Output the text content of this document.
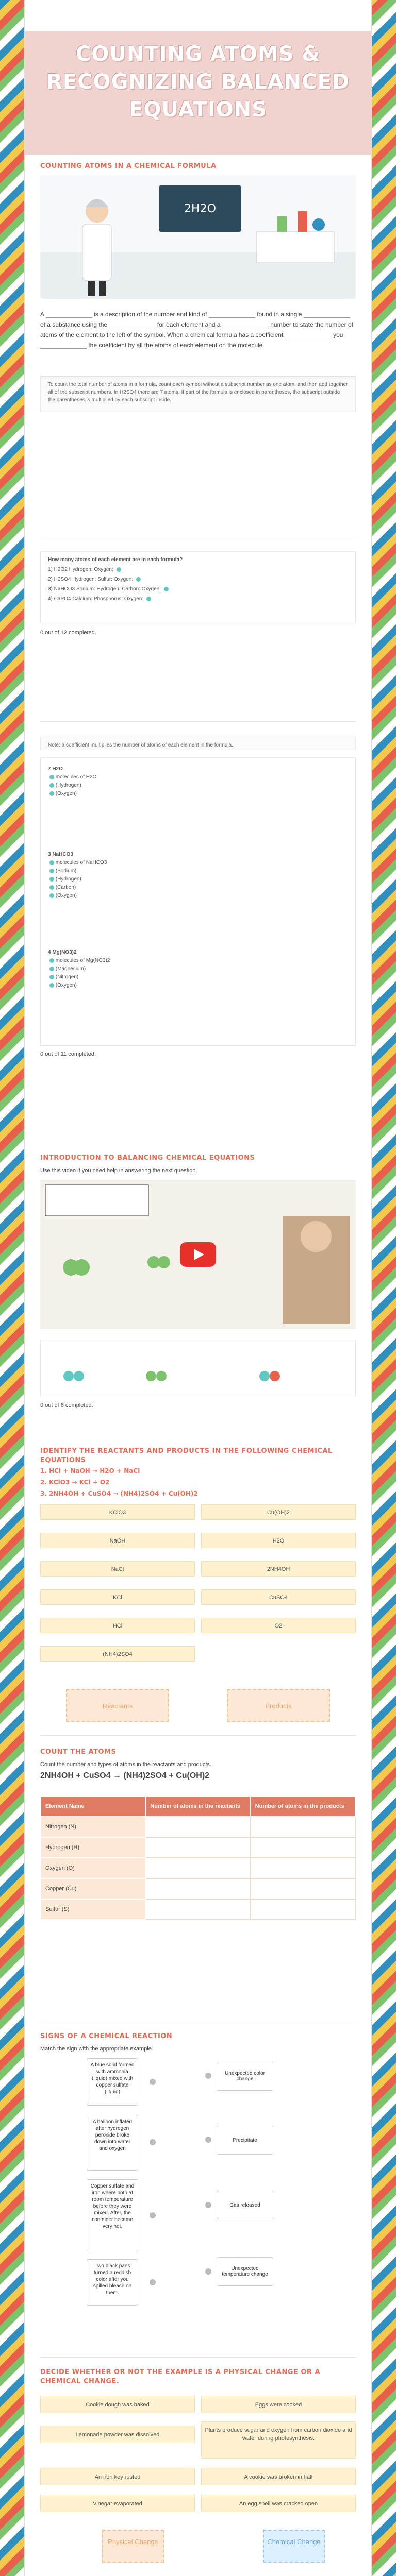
COUNTING ATOMS & RECOGNIZING BALANCED EQUATIONS
COUNTING ATOMS IN A CHEMICAL FORMULA
2H2O
A	is a description of the number and kind of	found in a single  of a substance using the	for each element and a	number to state the number of atoms of the element to the left of the symbol. When a chemical formula has a coefficient	you  the coefficient by all the atoms of each element on the molecule.
To count the total number of atoms in a formula, count each symbol without a subscript number as one atom, and then add together all of the subscript numbers. In H2SO4 there are 7 atoms. If part of the formula is enclosed in parentheses, the subscript outside the parentheses is multiplied by each subscript inside.
How many atoms of each element are in each formula?
1) H2O2 Hydrogen: Oxygen:
2) H2SO4 Hydrogen: Sulfur: Oxygen:
3) NaHCO3 Sodium: Hydrogen: Carbon: Oxygen:
4) CaPO4 Calcium: Phosphorus: Oxygen:
0 out of 12 completed.
Note: a coefficient multiplies the number of atoms of each element in the formula.
7 H2O
molecules of H2O
(Hydrogen)
(Oxygen)
3 NaHCO3
molecules of NaHCO3
(Sodium)
(Hydrogen)
(Carbon)
(Oxygen)
4 Mg(NO3)2
molecules of Mg(NO3)2
(Magnesium)
(Nitrogen)
(Oxygen)
0 out of 11 completed.
INTRODUCTION TO BALANCING CHEMICAL EQUATIONS
Use this video if you need help in answering the next question.
0 out of 6 completed.
IDENTIFY THE REACTANTS AND PRODUCTS IN THE FOLLOWING CHEMICAL EQUATIONS
1. HCl + NaOH → H2O + NaCl
2. KClO3 → KCl + O2
3. 2NH4OH + CuSO4 → (NH4)2SO4 + Cu(OH)2
KClO3	Cu(OH)2
NaOH	H2O
NaCl	2NH4OH
KCl	CuSO4
HCl	O2
(NH4)2SO4
Reactants	Products
COUNT THE ATOMS
Count the number and types of atoms in the reactants and products.
2NH4OH + CuSO4 → (NH4)2SO4 + Cu(OH)2
Element Name	Number of atoms in the reactants	Number of atoms in the products
Nitrogen (N)		
Hydrogen (H)		
Oxygen (O)		
Copper (Cu)		
Sulfur (S)		
SIGNS OF A CHEMICAL REACTION
Match the sign with the appropriate example.
A blue solid formed with ammonia (liquid) mixed with copper sulfate (liquid)
A balloon inflated after hydrogen peroxide broke down into water and oxygen
Copper sulfate and iron where both at room temperature before they were mixed. After, the container became very hot.
Two black pans turned a reddish color after you spilled bleach on them.
Unexpected color change
Precipitate
Gas released
Unexpected temperature change
DECIDE WHETHER OR NOT THE EXAMPLE IS A PHYSICAL CHANGE OR A CHEMICAL CHANGE.
Cookie dough was baked	Eggs were cooked
Lemonade powder was dissolved
Plants produce sugar and oxygen from carbon dioxide and water during photosynthesis.
An iron key rusted	A cookie was broken in half
Vinegar evaporated	An egg shell was cracked open
Physical Change	Chemical Change
